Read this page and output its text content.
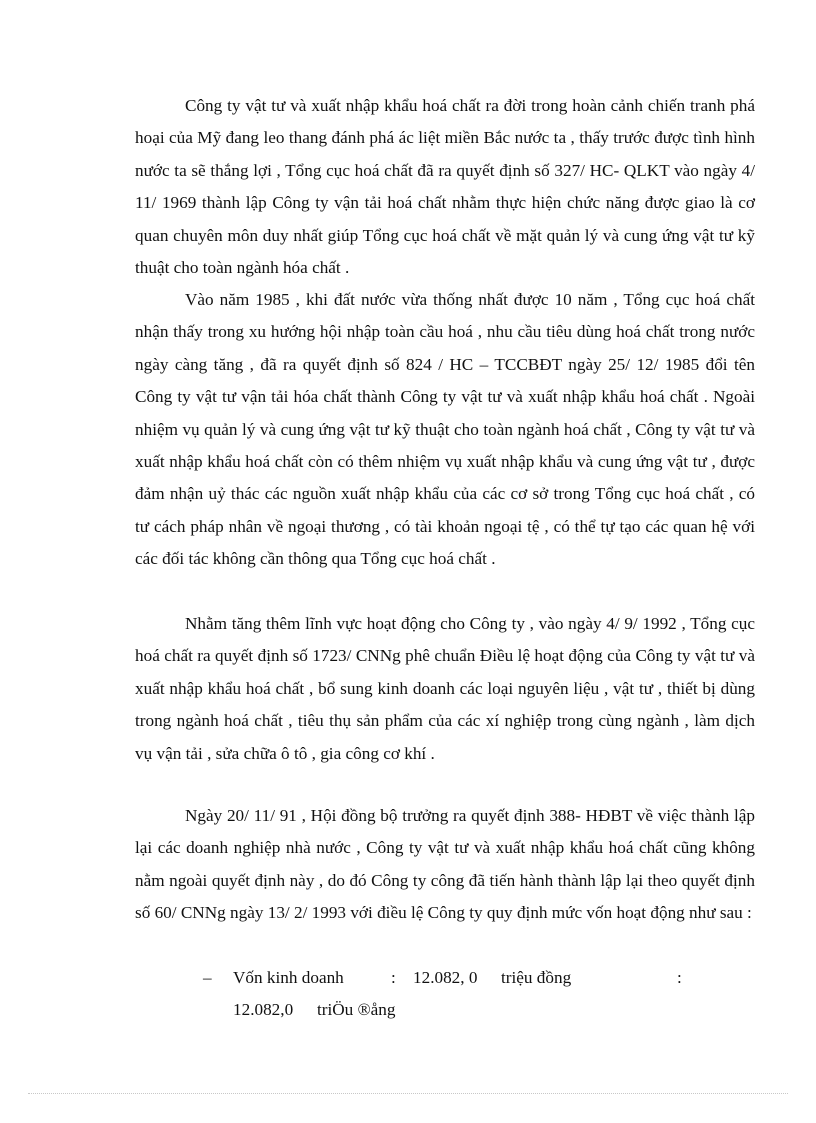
Công ty vật tư và xuất nhập khẩu hoá chất ra đời trong hoàn cảnh chiến tranh phá hoại của Mỹ đang leo thang đánh phá ác liệt miền Bắc nước ta , thấy trước được tình hình nước ta sẽ thắng lợi , Tổng cục hoá chất đã ra quyết định số 327/ HC- QLKT vào ngày 4/ 11/ 1969 thành lập Công ty vận tải hoá chất nhằm thực hiện chức năng được giao là cơ quan chuyên môn duy nhất giúp Tổng cục hoá chất về mặt quản lý và cung ứng vật tư kỹ thuật cho toàn ngành hóa chất .

Vào năm 1985 , khi đất nước vừa thống nhất được 10 năm , Tổng cục hoá chất nhận thấy trong xu hướng hội nhập toàn cầu hoá , nhu cầu tiêu dùng hoá chất trong nước ngày càng tăng , đã ra quyết định số 824 / HC – TCCBĐT ngày 25/ 12/ 1985 đổi tên Công ty vật tư vận tải hóa chất thành Công ty vật tư và xuất nhập khẩu hoá chất . Ngoài nhiệm vụ quản lý và cung ứng vật tư kỹ thuật cho toàn ngành hoá chất , Công ty vật tư và xuất nhập khẩu hoá chất còn có thêm nhiệm vụ xuất nhập khẩu và cung ứng vật tư , được đảm nhận uỷ thác các nguồn xuất nhập khẩu của các cơ sở trong Tổng cục hoá chất , có tư cách pháp nhân về ngoại thương , có tài khoản ngoại tệ , có thể tự tạo các quan hệ với các đối tác không cần thông qua Tổng cục hoá chất .

Nhằm tăng thêm lĩnh vực hoạt động cho Công ty , vào ngày 4/ 9/ 1992 , Tổng cục hoá chất ra quyết định số 1723/ CNNg phê chuẩn Điều lệ hoạt động của Công ty vật tư và xuất nhập khẩu hoá chất , bổ sung kinh doanh các loại nguyên liệu , vật tư , thiết bị dùng trong ngành hoá chất , tiêu thụ sản phẩm của các xí nghiệp trong cùng ngành , làm dịch vụ vận tải , sửa chữa ô tô , gia công cơ khí .

Ngày 20/ 11/ 91 , Hội đồng bộ trưởng ra quyết định 388- HĐBT về việc thành lập lại các doanh nghiệp nhà nước , Công ty vật tư và xuất nhập khẩu hoá chất cũng không nằm ngoài quyết định này , do đó Công ty công đã tiến hành thành lập lại theo quyết định số 60/ CNNg ngày 13/ 2/ 1993 với điều lệ Công ty quy định mức vốn hoạt động như sau :

– Vốn kinh doanh	: 12.082, 0 triệu đồng	:
12.082,0 triÖu ®ång
